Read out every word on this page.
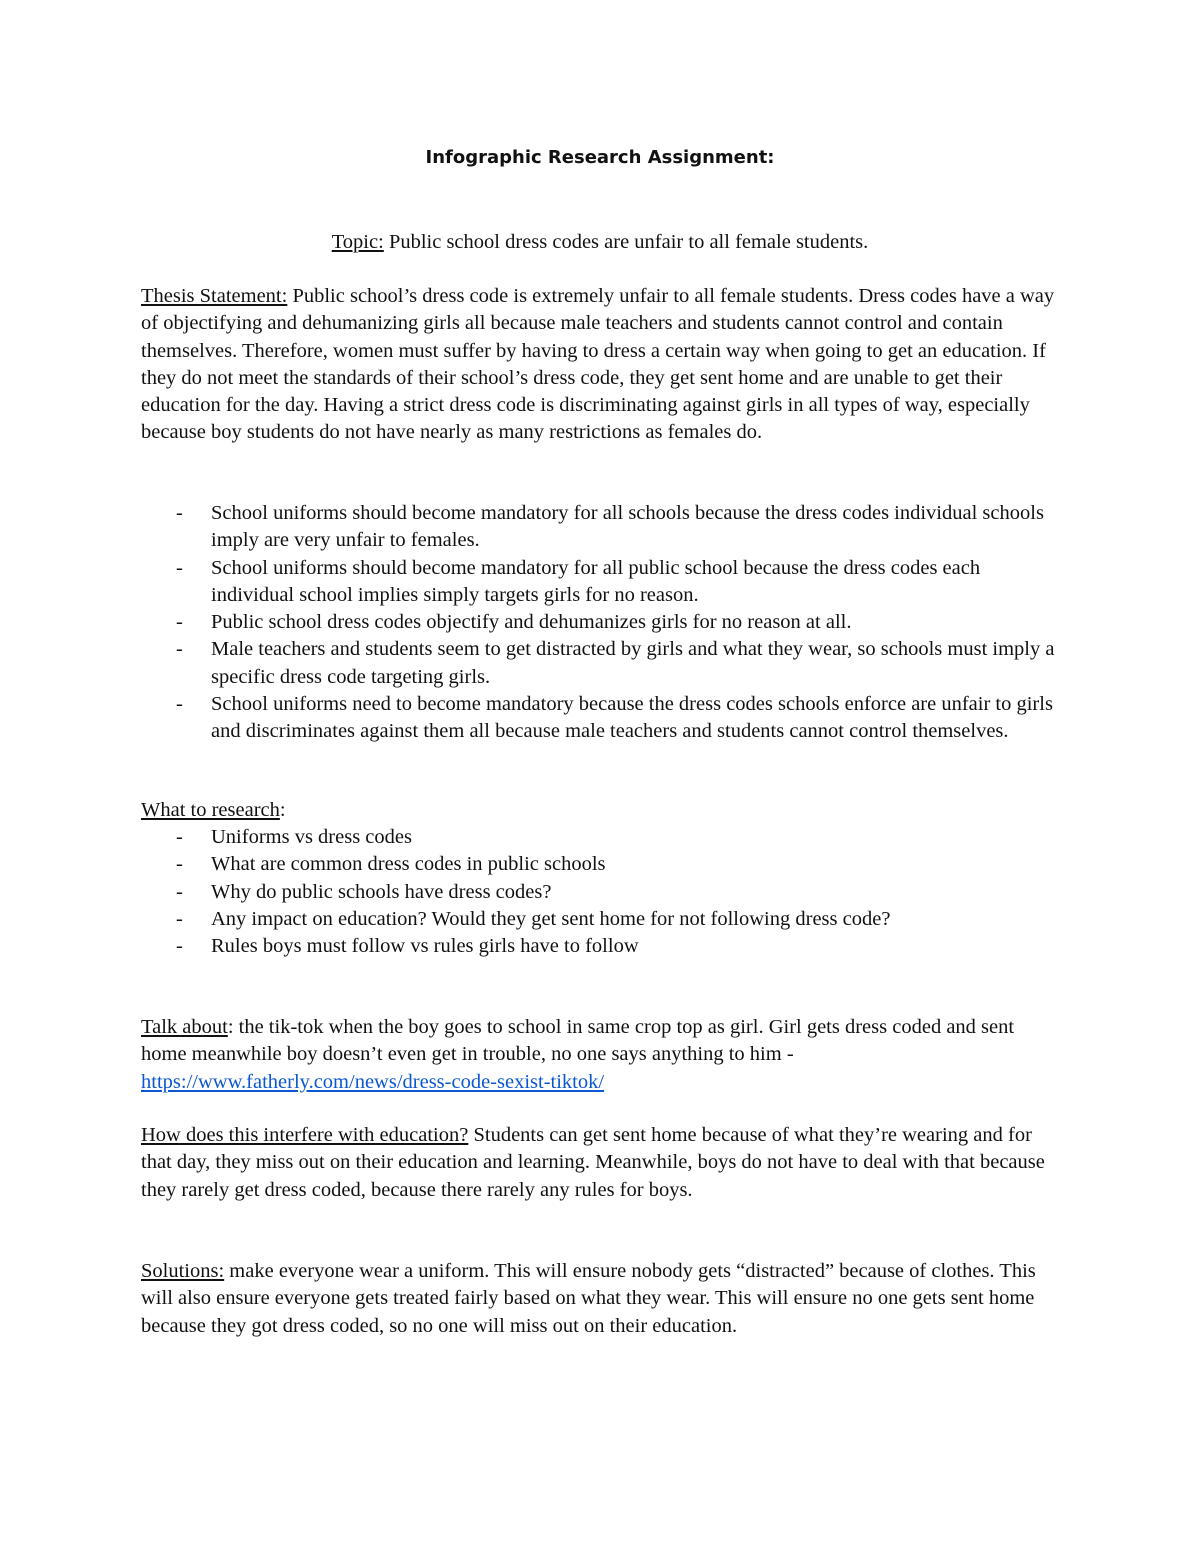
Infographic Research Assignment:
Topic: Public school dress codes are unfair to all female students.
Thesis Statement: Public school’s dress code is extremely unfair to all female students. Dress codes have a way of objectifying and dehumanizing girls all because male teachers and students cannot control and contain themselves. Therefore, women must suffer by having to dress a certain way when going to get an education. If they do not meet the standards of their school’s dress code, they get sent home and are unable to get their education for the day. Having a strict dress code is discriminating against girls in all types of way, especially because boy students do not have nearly as many restrictions as females do.
- School uniforms should become mandatory for all schools because the dress codes individual schools imply are very unfair to females.
- School uniforms should become mandatory for all public school because the dress codes each individual school implies simply targets girls for no reason.
- Public school dress codes objectify and dehumanizes girls for no reason at all.
- Male teachers and students seem to get distracted by girls and what they wear, so schools must imply a specific dress code targeting girls.
- School uniforms need to become mandatory because the dress codes schools enforce are unfair to girls and discriminates against them all because male teachers and students cannot control themselves.
What to research:
- Uniforms vs dress codes
- What are common dress codes in public schools
- Why do public schools have dress codes?
- Any impact on education? Would they get sent home for not following dress code?
- Rules boys must follow vs rules girls have to follow
Talk about: the tik-tok when the boy goes to school in same crop top as girl. Girl gets dress coded and sent home meanwhile boy doesn’t even get in trouble, no one says anything to him - https://www.fatherly.com/news/dress-code-sexist-tiktok/
How does this interfere with education? Students can get sent home because of what they’re wearing and for that day, they miss out on their education and learning. Meanwhile, boys do not have to deal with that because they rarely get dress coded, because there rarely any rules for boys.
Solutions: make everyone wear a uniform. This will ensure nobody gets “distracted” because of clothes. This will also ensure everyone gets treated fairly based on what they wear. This will ensure no one gets sent home because they got dress coded, so no one will miss out on their education.
